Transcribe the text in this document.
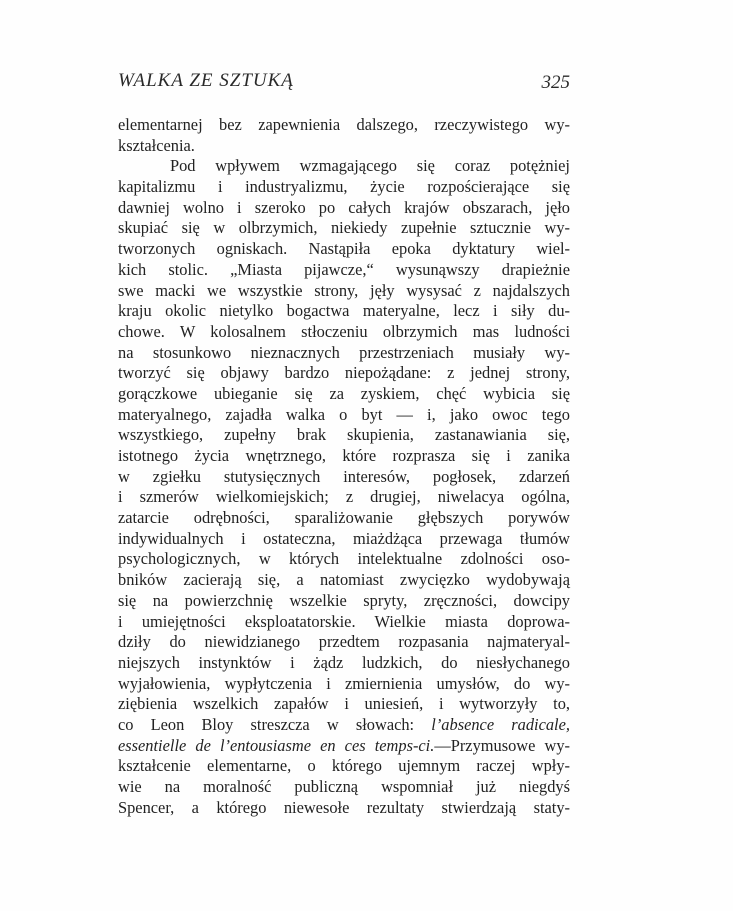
WALKA ZE SZTUKĄ	325
elementarnej bez zapewnienia dalszego, rzeczywistego wy-
kształcenia.
Pod wpływem wzmagającego się coraz potężniej
kapitalizmu i industryalizmu, życie rozpościerające się
dawniej wolno i szeroko po całych krajów obszarach, jęło
skupiać się w olbrzymich, niekiedy zupełnie sztucznie wy-
tworzonych ogniskach. Nastąpiła epoka dyktatury wiel-
kich stolic. „Miasta pijawcze,“ wysunąwszy drapieżnie
swe macki we wszystkie strony, jęły wysysać z najdalszych
kraju okolic nietylko bogactwa materyalne, lecz i siły du-
chowe. W kolosalnem stłoczeniu olbrzymich mas ludności
na stosunkowo nieznacznych przestrzeniach musiały wy-
tworzyć się objawy bardzo niepożądane: z jednej strony,
gorączkowe ubieganie się za zyskiem, chęć wybicia się
materyalnego, zajadła walka o byt — i, jako owoc tego
wszystkiego, zupełny brak skupienia, zastanawiania się,
istotnego życia wnętrznego, które rozprasza się i zanika
w zgiełku stutysięcznych interesów, pogłosek, zdarzeń
i szmerów wielkomiejskich; z drugiej, niwelacya ogólna,
zatarcie odrębności, sparaliżowanie głębszych porywów
indywidualnych i ostateczna, miażdżąca przewaga tłumów
psychologicznych, w których intelektualne zdolności oso-
bników zacierają się, a natomiast zwycięzko wydobywają
się na powierzchnię wszelkie spryty, zręczności, dowcipy
i umiejętności eksploatatorskie. Wielkie miasta doprowa-
dziły do niewidzianego przedtem rozpasania najmateryal-
niejszych instynktów i żądz ludzkich, do niesłychanego
wyjałowienia, wypłytczenia i zmiernienia umysłów, do wy-
ziębienia wszelkich zapałów i uniesień, i wytworzyły to,
co Leon Bloy streszcza w słowach: l’absence radicale,
essentielle de l’entousiasme en ces temps-ci.—Przymusowe wy-
kształcenie elementarne, o którego ujemnym raczej wpły-
wie na moralność publiczną wspomniał już niegdyś
Spencer, a którego niewesołe rezultaty stwierdzają staty-
